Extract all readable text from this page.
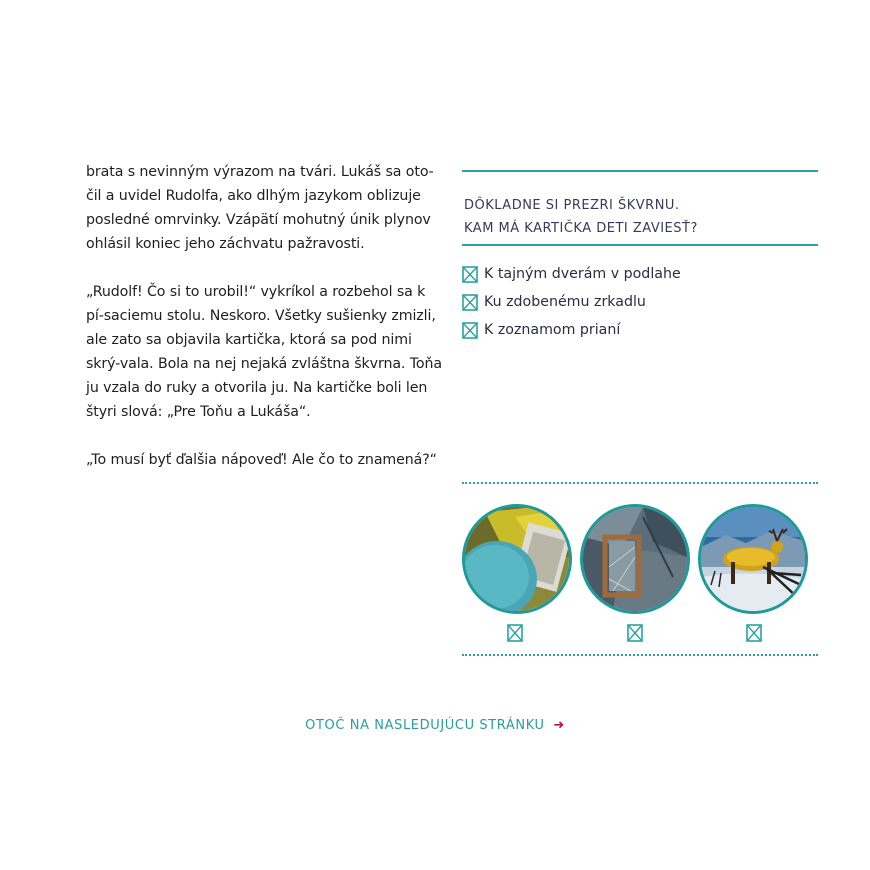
brata s nevinným výrazom na tvári. Lukáš sa oto-čil a uvidel Rudolfa, ako dlhým jazykom oblizuje posledné omrvinky. Vzápätí mohutný únik plynov ohlásil koniec jeho záchvatu pažravosti.

„Rudolf! Čo si to urobil!“ vykríkol a rozbehol sa k pí-saciemu stolu. Neskoro. Všetky sušienky zmizli, ale zato sa objavila kartička, ktorá sa pod nimi skrý-vala. Bola na nej nejaká zvláštna škvrna. Toňa ju vzala do ruky a otvorila ju. Na kartičke boli len štyri slová: „Pre Toňu a Lukáša“.

„To musí byť ďalšia nápoveď! Ale čo to znamená?“

DÔKLADNE SI PREZRI ŠKVRNU.
KAM MÁ KARTIČKA DETI ZAVIESŤ?
K tajným dverám v podlahe
Ku zdobenému zrkadlu
K zoznamom prianí
OTOČ NA NASLEDUJÚCU STRÁNKU ➜
